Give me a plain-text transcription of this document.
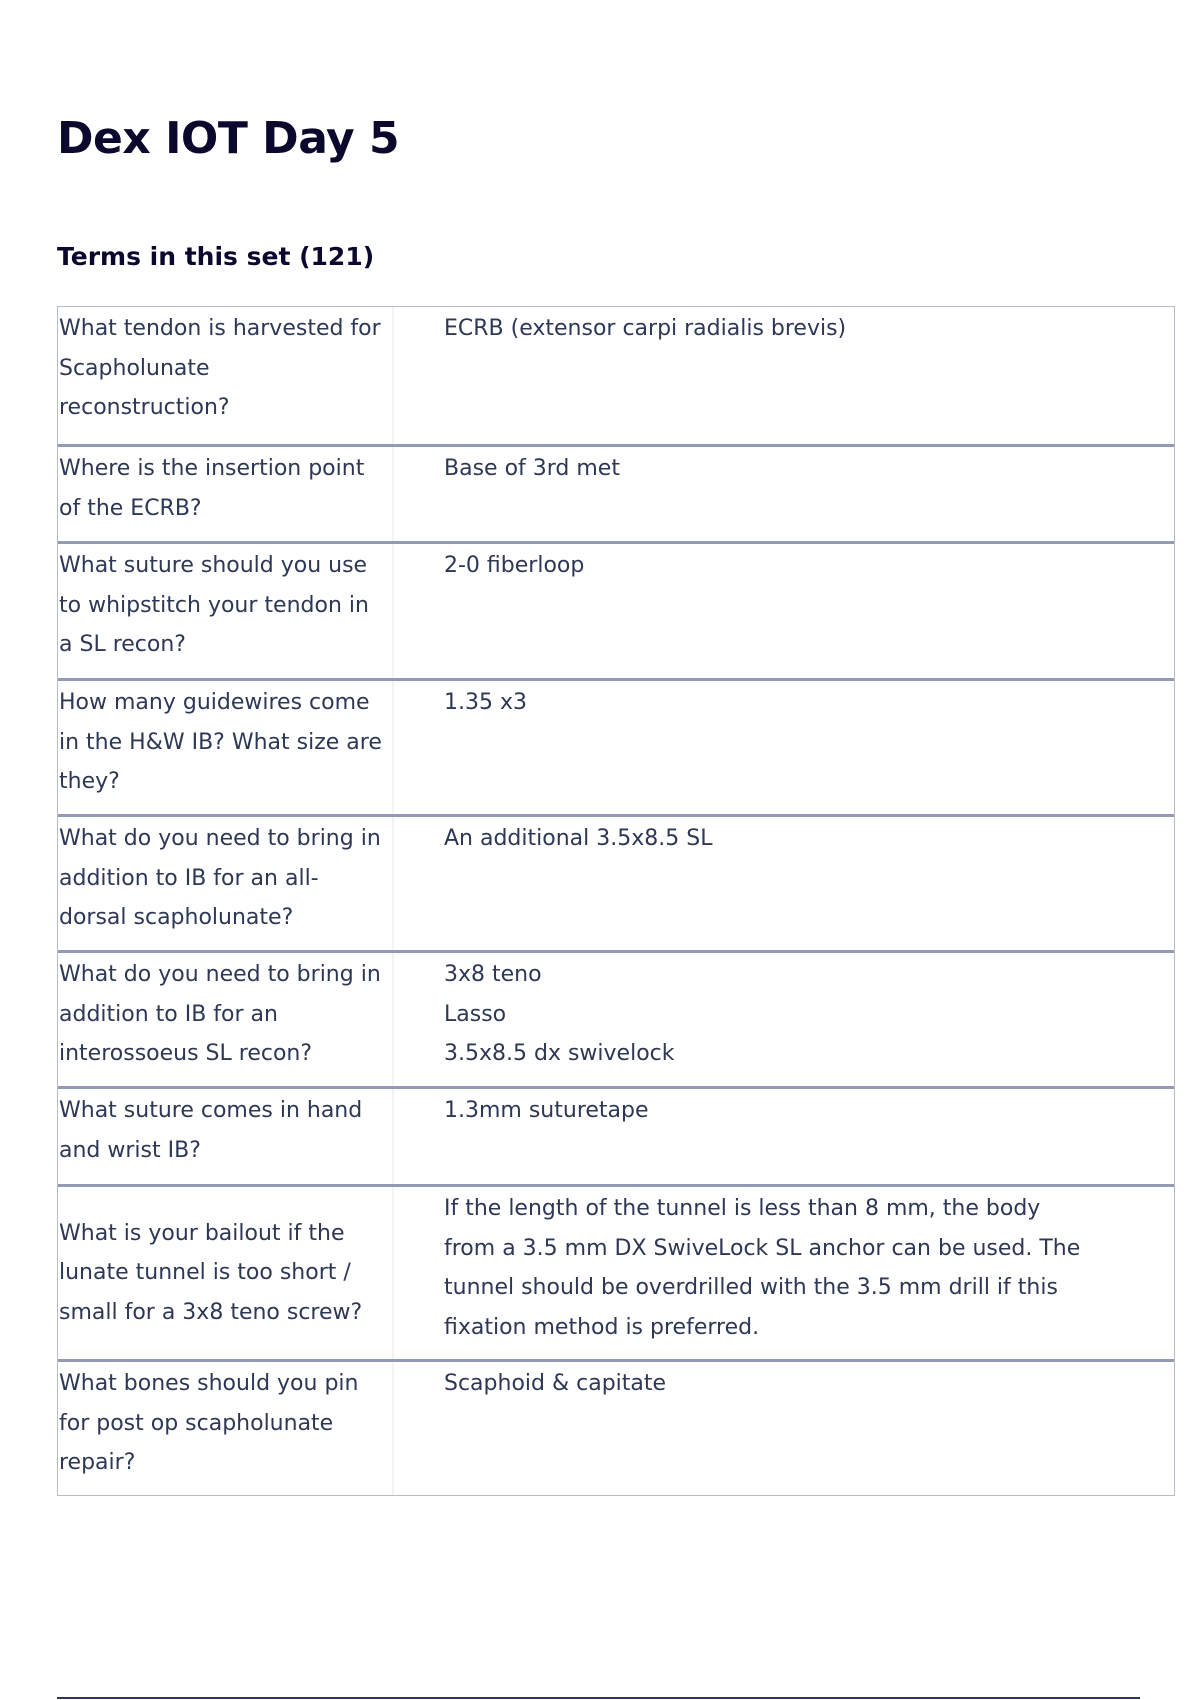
Dex IOT Day 5
Terms in this set (121)
What tendon is harvested for Scapholunate reconstruction?
ECRB (extensor carpi radialis brevis)
Where is the insertion point of the ECRB?
Base of 3rd met
What suture should you use to whipstitch your tendon in a SL recon?
2-0 fiberloop
How many guidewires come in the H&W IB? What size are they?
1.35 x3
What do you need to bring in addition to IB for an all-dorsal scapholunate?
An additional 3.5x8.5 SL
What do you need to bring in addition to IB for an interossoeus SL recon?
3x8 teno
Lasso
3.5x8.5 dx swivelock
What suture comes in hand and wrist IB?
1.3mm suturetape
What is your bailout if the lunate tunnel is too short / small for a 3x8 teno screw?
If the length of the tunnel is less than 8 mm, the body from a 3.5 mm DX SwiveLock SL anchor can be used. The tunnel should be overdrilled with the 3.5 mm drill if this fixation method is preferred.
What bones should you pin for post op scapholunate repair?
Scaphoid & capitate
